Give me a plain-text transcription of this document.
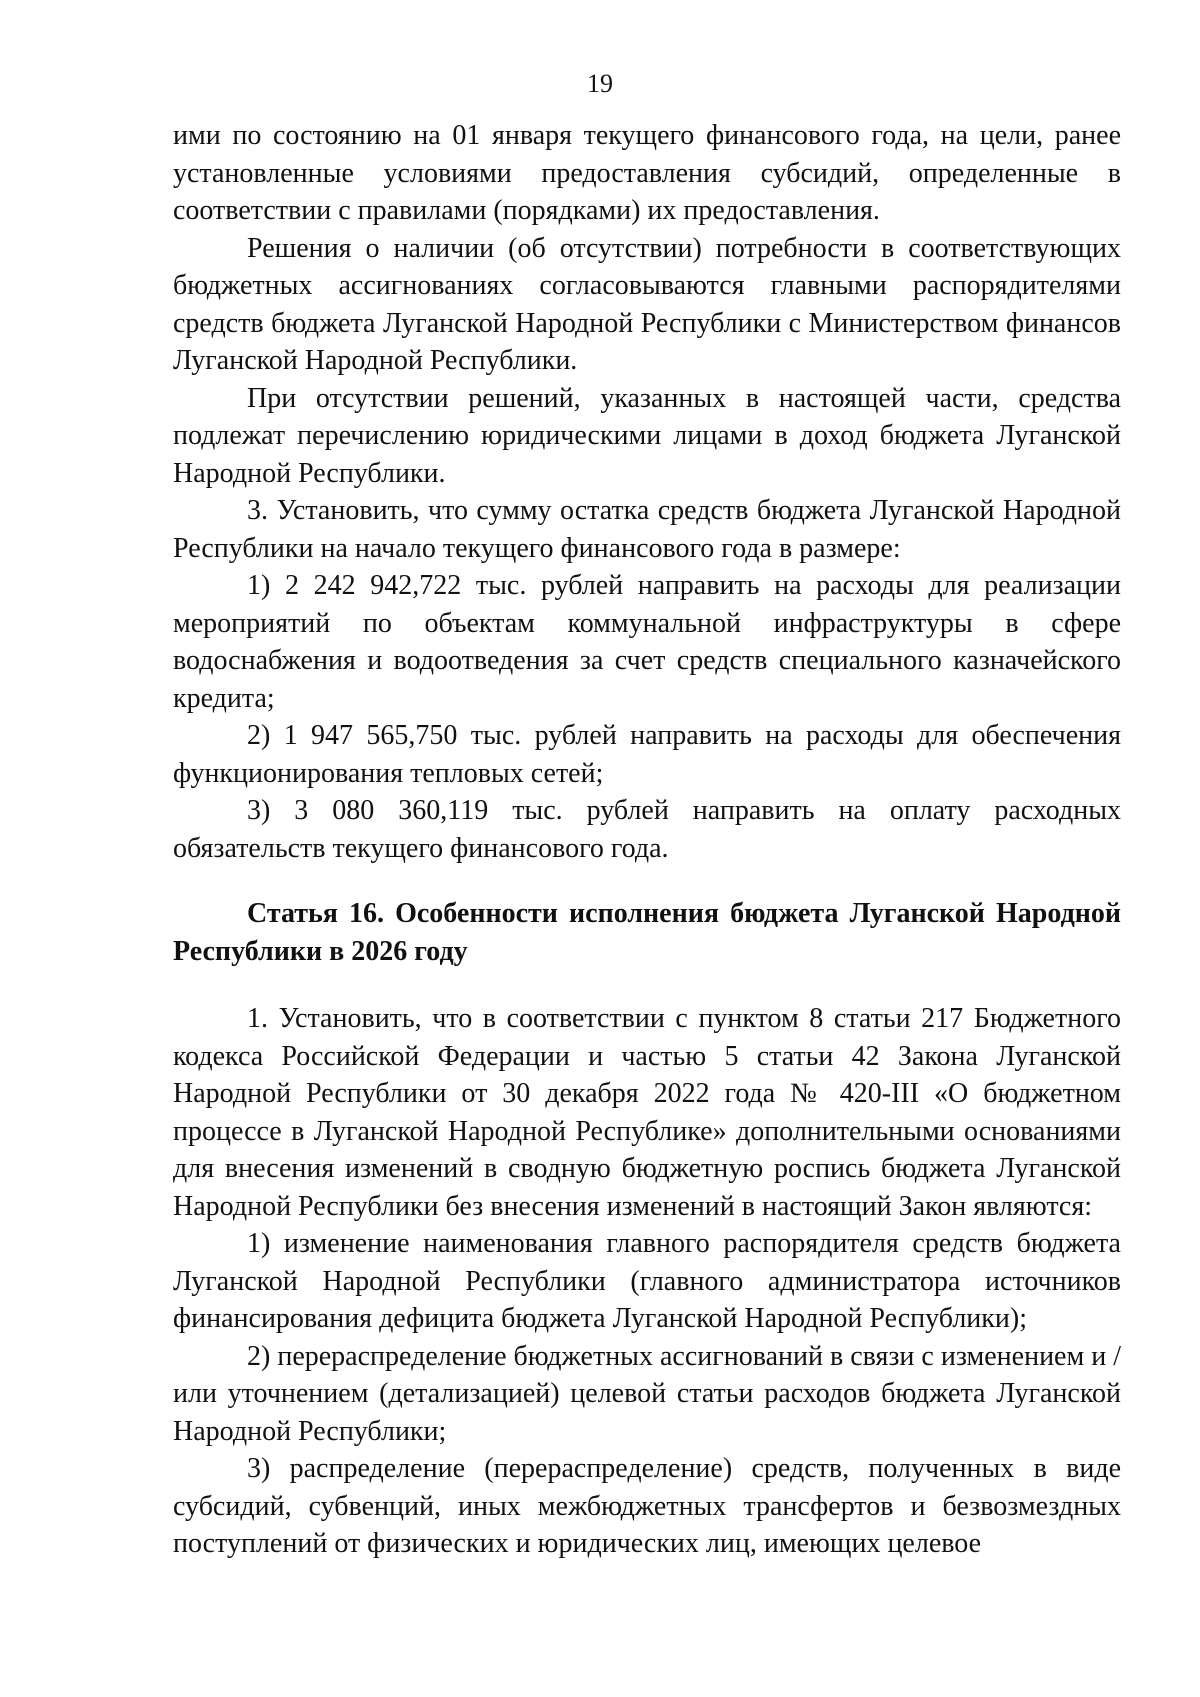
19

ими по состоянию на 01 января текущего финансового года, на цели, ранее установленные условиями предоставления субсидий, определенные в соответствии с правилами (порядками) их предоставления.

Решения о наличии (об отсутствии) потребности в соответствующих бюджетных ассигнованиях согласовываются главными распорядителями средств бюджета Луганской Народной Республики с Министерством финансов Луганской Народной Республики.

При отсутствии решений, указанных в настоящей части, средства подлежат перечислению юридическими лицами в доход бюджета Луганской Народной Республики.

3. Установить, что сумму остатка средств бюджета Луганской Народной Республики на начало текущего финансового года в размере:

1) 2 242 942,722 тыс. рублей направить на расходы для реализации мероприятий по объектам коммунальной инфраструктуры в сфере водоснабжения и водоотведения за счет средств специального казначейского кредита;

2) 1 947 565,750 тыс. рублей направить на расходы для обеспечения функционирования тепловых сетей;

3) 3 080 360,119 тыс. рублей направить на оплату расходных обязательств текущего финансового года.

Статья 16. Особенности исполнения бюджета Луганской Народной Республики в 2026 году

1. Установить, что в соответствии с пунктом 8 статьи 217 Бюджетного кодекса Российской Федерации и частью 5 статьи 42 Закона Луганской Народной Республики от 30 декабря 2022 года № 420-III «О бюджетном процессе в Луганской Народной Республике» дополнительными основаниями для внесения изменений в сводную бюджетную роспись бюджета Луганской Народной Республики без внесения изменений в настоящий Закон являются:

1) изменение наименования главного распорядителя средств бюджета Луганской Народной Республики (главного администратора источников финансирования дефицита бюджета Луганской Народной Республики);

2) перераспределение бюджетных ассигнований в связи с изменением и / или уточнением (детализацией) целевой статьи расходов бюджета Луганской Народной Республики;

3) распределение (перераспределение) средств, полученных в виде субсидий, субвенций, иных межбюджетных трансфертов и безвозмездных поступлений от физических и юридических лиц, имеющих целевое
